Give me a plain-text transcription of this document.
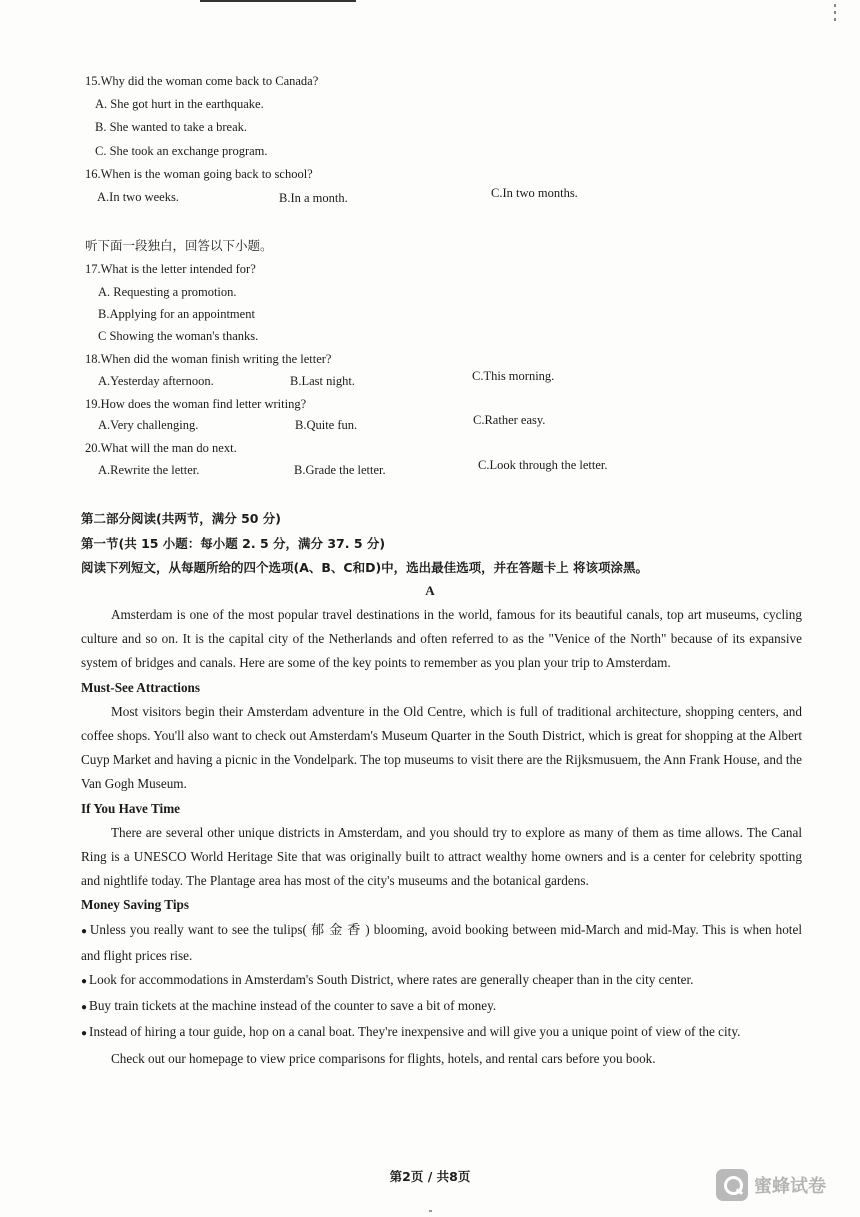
15.Why did the woman come back to Canada?
A. She got hurt in the earthquake.
B. She wanted to take a break.
C. She took an exchange program.
16.When is the woman going back to school?
A.In two weeks.	B.In a month.	C.In two months.
听下面一段独白，回答以下小题。
17.What is the letter intended for?
A. Requesting a promotion.
B.Applying for an appointment
C Showing the woman's thanks.
18.When did the woman finish writing the letter?
A.Yesterday afternoon.	B.Last night.	C.This morning.
19.How does the woman find letter writing?
A.Very challenging.	B.Quite fun.	C.Rather easy.
20.What will the man do next.
A.Rewrite the letter.	B.Grade the letter.	C.Look through the letter.
第二部分阅读(共两节，满分 50 分)
第一节(共 15 小题：每小题 2. 5 分，满分 37. 5 分)
阅读下列短文，从每题所给的四个选项(A、B、C和D)中，选出最佳选项，并在答题卡上 将该项涂黑。
A

Amsterdam is one of the most popular travel destinations in the world, famous for its beautiful canals, top art museums, cycling culture and so on. It is the capital city of the Netherlands and often referred to as the "Venice of the North" because of its expansive system of bridges and canals. Here are some of the key points to remember as you plan your trip to Amsterdam.

Must-See Attractions

Most visitors begin their Amsterdam adventure in the Old Centre, which is full of traditional architecture, shopping centers, and coffee shops. You'll also want to check out Amsterdam's Museum Quarter in the South District, which is great for shopping at the Albert Cuyp Market and having a picnic in the Vondelpark. The top museums to visit there are the Rijksmusuem, the Ann Frank House, and the Van Gogh Museum.

If You Have Time

There are several other unique districts in Amsterdam, and you should try to explore as many of them as time allows. The Canal Ring is a UNESCO World Heritage Site that was originally built to attract wealthy home owners and is a center for celebrity spotting and nightlife today. The Plantage area has most of the city's museums and the botanical gardens.

Money Saving Tips

● Unless you really want to see the tulips( 郁 金 香 ) blooming, avoid booking between mid-March and mid-May. This is when hotel and flight prices rise.

● Look for accommodations in Amsterdam's South District, where rates are generally cheaper than in the city center.

● Buy train tickets at the machine instead of the counter to save a bit of money.

● Instead of hiring a tour guide, hop on a canal boat. They're inexpensive and will give you a unique point of view of the city.

Check out our homepage to view price comparisons for flights, hotels, and rental cars before you book.

第2页 / 共8页	蜜蜂试卷
